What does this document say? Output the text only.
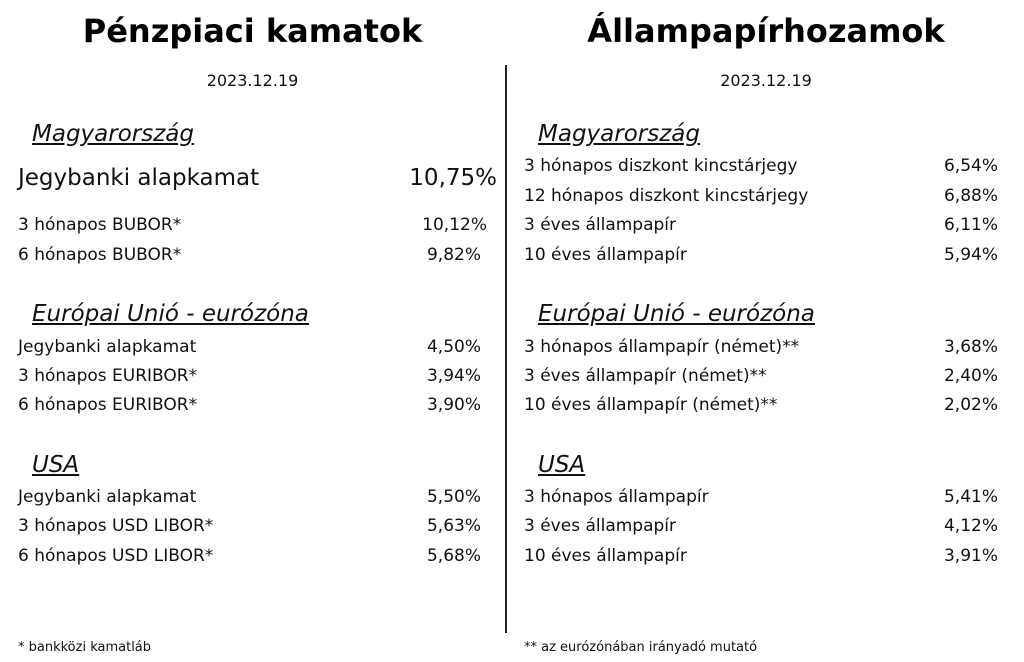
Pénzpiaci kamatok
2023.12.19
Magyarország
Jegybanki alapkamat	10,75%
3 hónapos BUBOR*	10,12%
6 hónapos BUBOR*	9,82%
Európai Unió - eurózóna
Jegybanki alapkamat	4,50%
3 hónapos EURIBOR*	3,94%
6 hónapos EURIBOR*	3,90%
USA
Jegybanki alapkamat	5,50%
3 hónapos USD LIBOR*	5,63%
6 hónapos USD LIBOR*	5,68%
Állampapírhozamok
2023.12.19
Magyarország
3 hónapos diszkont kincstárjegy	6,54%
12 hónapos diszkont kincstárjegy	6,88%
3 éves állampapír	6,11%
10 éves állampapír	5,94%
Európai Unió - eurózóna
3 hónapos állampapír (német)**	3,68%
3 éves állampapír (német)**	2,40%
10 éves állampapír (német)**	2,02%
USA
3 hónapos állampapír	5,41%
3 éves állampapír	4,12%
10 éves állampapír	3,91%
* bankközi kamatláb	** az eurózónában irányadó mutató
